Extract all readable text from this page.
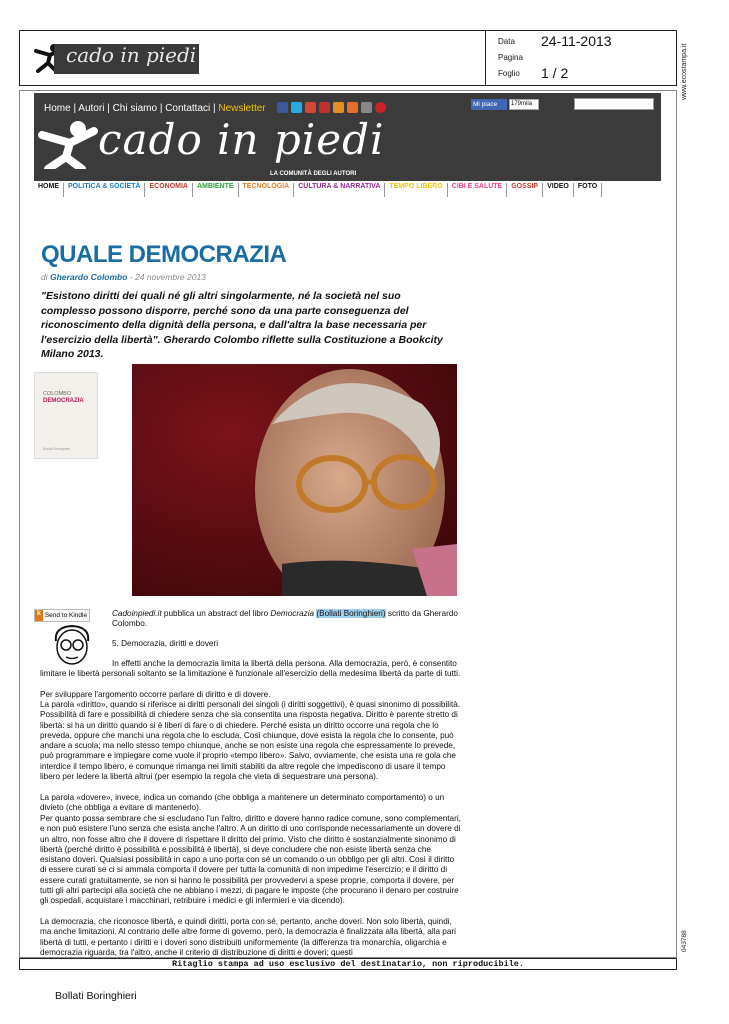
cado in piedi
Data 24-11-2013
Pagina
Foglio 1 / 2	www.ecostampa.it
043788
Home | Autori | Chi siamo | Contattaci | Newsletter	Mi piace	179mila
cado in piedi
LA COMUNITÀ DEGLI AUTORI
HOME	POLITICA & SOCIETÀ	ECONOMIA	AMBIENTE	TECNOLOGIA	CULTURA & NARRATIVA	TEMPO LIBERO	CIBI E SALUTE	GOSSIP	VIDEO	FOTO
QUALE DEMOCRAZIA
di Gherardo Colombo - 24 novembre 2013
"Esistono diritti dei quali né gli altri singolarmente, né la società nel suo complesso possono disporre, perché sono da una parte conseguenza del riconoscimento della dignità della persona, e dall'altra la base necessaria per l'esercizio della libertà". Gherardo Colombo riflette sulla Costituzione a Bookcity Milano 2013.
COLOMBO
DEMOCRAZIA
Bollati Boringhieri
k Send to Kindle	Cadoinpiedi.it pubblica un abstract del libro Democrazia (Bollati Boringhieri) scritto da Gherardo Colombo.
5. Democrazia, diritti e doveri
In effetti anche la democrazia limita la libertà della persona. Alla democrazia, però, è consentito limitare le libertà personali soltanto se la limitazione è funzionale all'esercizio della medesima libertà da parte di tutti.
Per sviluppare l'argomento occorre parlare di diritto e di dovere.
La parola «diritto», quando si riferisce ai diritti personali dei singoli (i diritti soggettivi), è quasi sinonimo di possibilità. Possibilità di fare e possibilità di chiedere senza che sia consentita una risposta negativa. Diritto è parente stretto di libertà: si ha un diritto quando si è liberi di fare o di chiedere. Perché esista un diritto occorre una regola che lo preveda, oppure che manchi una regola che lo escluda. Così chiunque, dove esista la regola che lo consente, può andare a scuola; ma nello stesso tempo chiunque, anche se non esiste una regola che espressamente lo prevede, può programmare e impiegare come vuole il proprio «tempo libero». Salvo, ovviamente, che esista una re gola che interdice il tempo libero, e comunque rimanga nei limiti stabiliti da altre regole che impediscono di usare il tempo libero per ledere la libertà altrui (per esempio la regola che vieta di sequestrare una persona).
La parola «dovere», invece, indica un comando (che obbliga a mantenere un determinato comportamento) o un divieto (che obbliga a evitare di mantenerlo).
Per quanto possa sembrare che si escludano l'un l'altro, diritto e dovere hanno radice comune, sono complementari, e non può esistere l'uno senza che esista anche l'altro. A un diritto di uno corrisponde necessariamente un dovere di un altro, non fosse altro che il dovere di rispettare il diritto del primo. Visto che diritto è sostanzialmente sinonimo di libertà (perché diritto è possibilità e possibilità è libertà), si deve concludere che non esiste libertà senza che esistano doveri. Qualsiasi possibilità in capo a uno porta con sé un comando o un obbligo per gli altri. Così il diritto di essere curati se ci si ammala comporta il dovere per tutta la comunità di non impedirne l'esercizio; e il diritto di essere curati gratuitamente, se non si hanno le possibilità per provvedervi a spese proprie, comporta il dovere, per tutti gli altri partecipi alla società che ne abbiano i mezzi, di pagare le imposte (che procurano il denaro per costruire gli ospedali, acquistare i macchinari, retribuire i medici e gli infermieri e via dicendo).
La democrazia, che riconosce libertà, e quindi diritti, porta con sé, pertanto, anche doveri. Non solo libertà, quindi, ma anche limitazioni. Al contrario delle altre forme di governo, però, la democrazia è finalizzata alla libertà, alla pari libertà di tutti, e pertanto i diritti e i doveri sono distribuiti uniformemente (la differenza tra monarchia, oligarchia e democrazia riguarda, tra l'altro, anche il criterio di distribuzione di diritti e doveri; questi
Ritaglio stampa ad uso esclusivo del destinatario, non riproducibile.
Bollati Boringhieri
